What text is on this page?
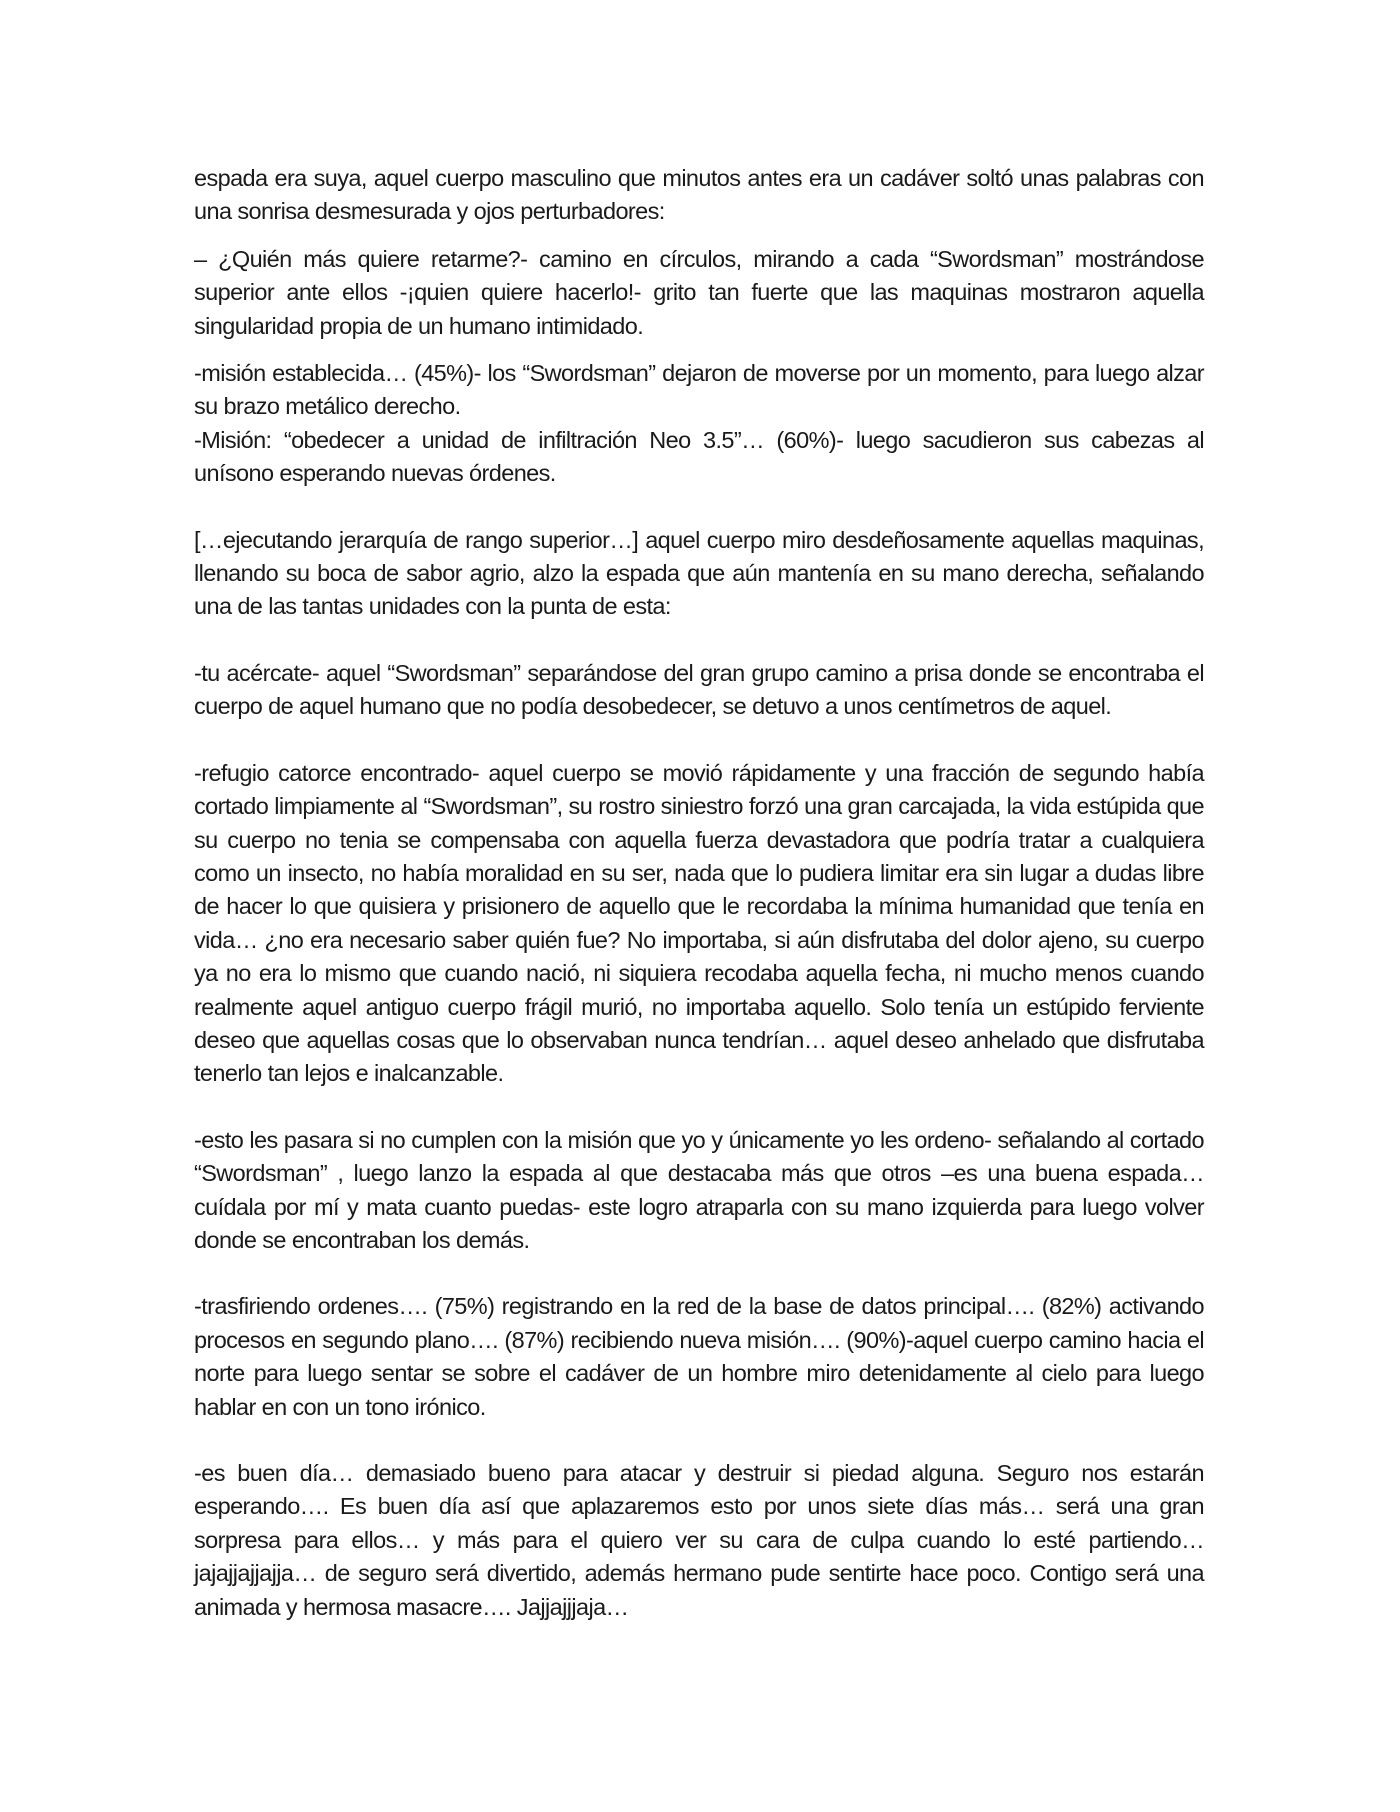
espada era suya, aquel cuerpo masculino que minutos antes era un cadáver soltó unas palabras con una sonrisa desmesurada y ojos perturbadores:

– ¿Quién más quiere retarme?- camino en círculos, mirando a cada “Swordsman” mostrándose superior ante ellos -¡quien quiere hacerlo!- grito tan fuerte que las maquinas mostraron aquella singularidad propia de un humano intimidado.

-misión establecida… (45%)- los “Swordsman” dejaron de moverse por un momento, para luego alzar su brazo metálico derecho.

-Misión: “obedecer a unidad de infiltración Neo 3.5”… (60%)- luego sacudieron sus cabezas al unísono esperando nuevas órdenes.

[…ejecutando jerarquía de rango superior…] aquel cuerpo miro desdeñosamente aquellas maquinas, llenando su boca de sabor agrio, alzo la espada que aún mantenía en su mano derecha, señalando una de las tantas unidades con la punta de esta:

-tu acércate- aquel “Swordsman” separándose del gran grupo camino a prisa donde se encontraba el cuerpo de aquel humano que no podía desobedecer, se detuvo a unos centímetros de aquel.

-refugio catorce encontrado- aquel cuerpo se movió rápidamente y una fracción de segundo había cortado limpiamente al “Swordsman”, su rostro siniestro forzó una gran carcajada, la vida estúpida que su cuerpo no tenia se compensaba con aquella fuerza devastadora que podría tratar a cualquiera como un insecto, no había moralidad en su ser, nada que lo pudiera limitar era sin lugar a dudas libre de hacer lo que quisiera y prisionero de aquello que le recordaba la mínima humanidad que tenía en vida… ¿no era necesario saber quién fue? No importaba, si aún disfrutaba del dolor ajeno, su cuerpo ya no era lo mismo que cuando nació, ni siquiera recodaba aquella fecha, ni mucho menos cuando realmente aquel antiguo cuerpo frágil murió, no importaba aquello. Solo tenía un estúpido ferviente deseo que aquellas cosas que lo observaban nunca tendrían… aquel deseo anhelado que disfrutaba tenerlo tan lejos e inalcanzable.

-esto les pasara si no cumplen con la misión que yo y únicamente yo les ordeno- señalando al cortado “Swordsman” , luego lanzo la espada al que destacaba más que otros –es una buena espada… cuídala por mí y mata cuanto puedas- este logro atraparla con su mano izquierda para luego volver donde se encontraban los demás.

-trasfiriendo ordenes…. (75%) registrando en la red de la base de datos principal…. (82%) activando procesos en segundo plano…. (87%) recibiendo nueva misión…. (90%)-aquel cuerpo camino hacia el norte para luego sentar se sobre el cadáver de un hombre miro detenidamente al cielo para luego hablar en con un tono irónico.

-es buen día… demasiado bueno para atacar y destruir si piedad alguna. Seguro nos estarán esperando…. Es buen día así que aplazaremos esto por unos siete días más… será una gran sorpresa para ellos… y más para el quiero ver su cara de culpa cuando lo esté partiendo… jajajjajjajja… de seguro será divertido, además hermano pude sentirte hace poco. Contigo será una animada y hermosa masacre…. Jajjajjjaja…
